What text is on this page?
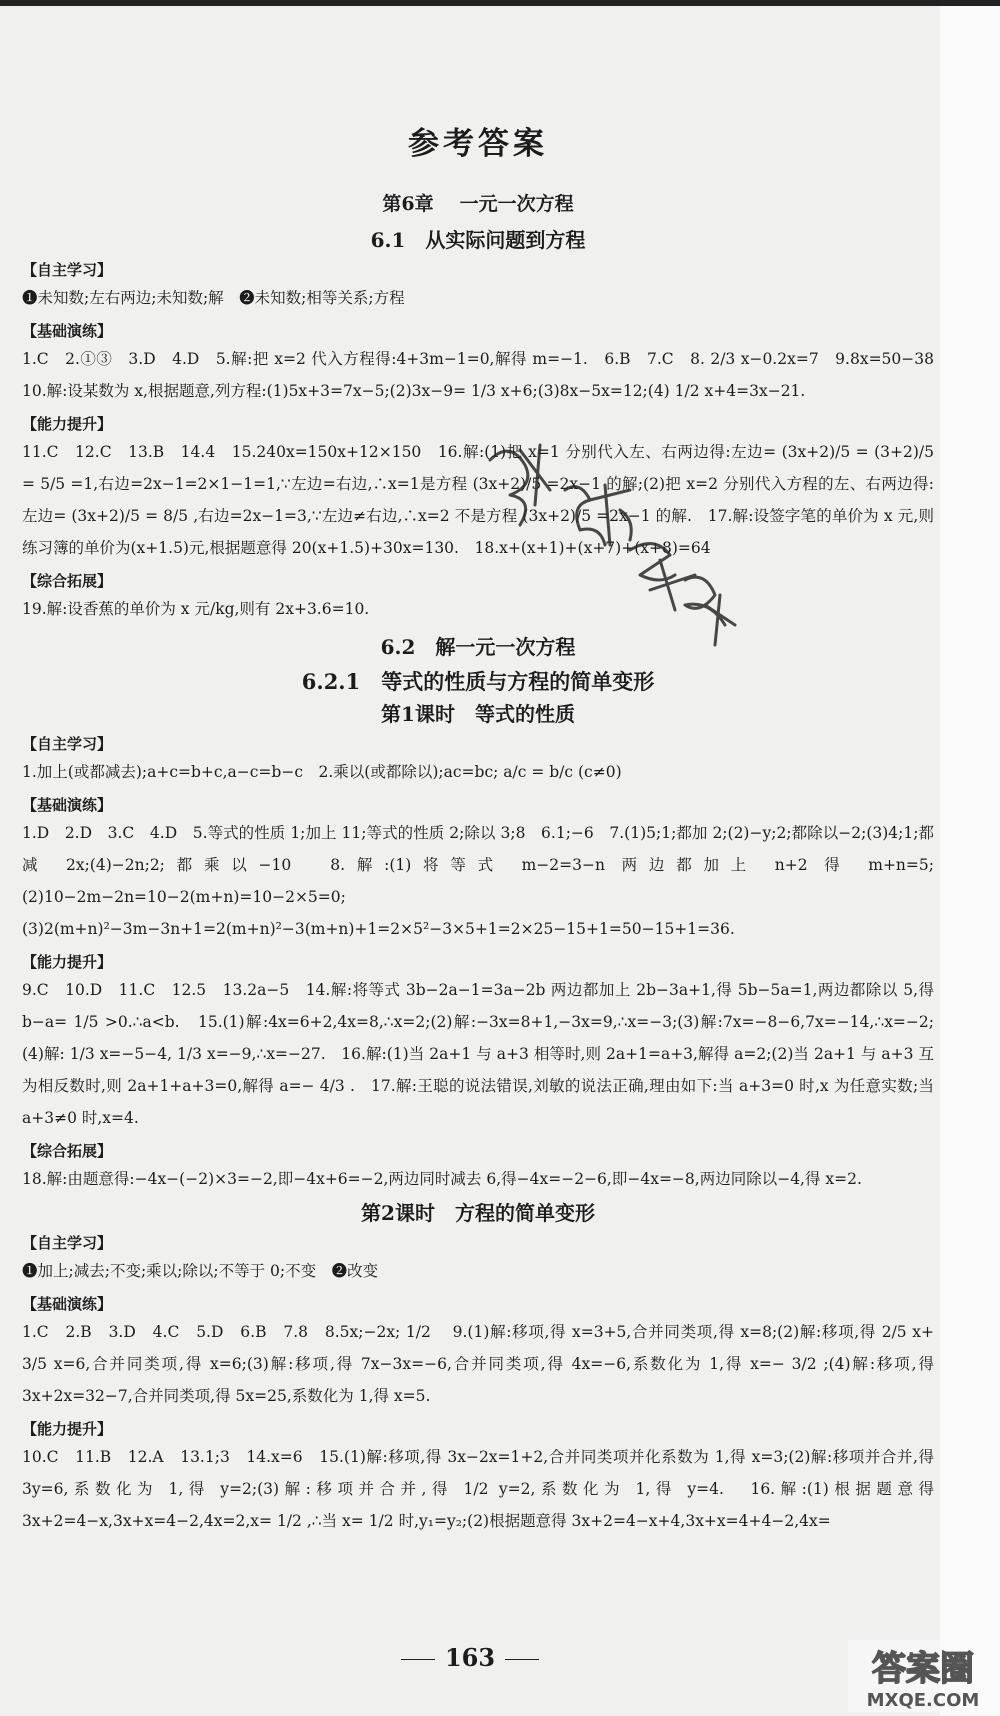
参考答案
第6章 一元一次方程
6.1 从实际问题到方程
【自主学习】

❶未知数;左右两边;未知数;解　❷未知数;相等关系;方程

【基础演练】

1.C　2.①③　3.D　4.D　5.解:把 x=2 代入方程得:4+3m−1=0,解得 m=−1.　6.B　7.C　8. 2/3 x−0.2x=7　9.8x=50−38　10.解:设某数为 x,根据题意,列方程:(1)5x+3=7x−5;(2)3x−9= 1/3 x+6;(3)8x−5x=12;(4) 1/2 x+4=3x−21.

【能力提升】

11.C　12.C　13.B　14.4　15.240x=150x+12×150　16.解:(1)把 x=1 分别代入左、右两边得:左边= (3x+2)/5 = (3+2)/5 = 5/5 =1,右边=2x−1=2×1−1=1,∵左边=右边,∴x=1是方程 (3x+2)/5 =2x−1 的解;(2)把 x=2 分别代入方程的左、右两边得:左边= (3x+2)/5 = 8/5 ,右边=2x−1=3,∵左边≠右边,∴x=2 不是方程 (3x+2)/5 =2x−1 的解.　17.解:设签字笔的单价为 x 元,则练习簿的单价为(x+1.5)元,根据题意得 20(x+1.5)+30x=130.　18.x+(x+1)+(x+7)+(x+8)=64

【综合拓展】

19.解:设香蕉的单价为 x 元/kg,则有 2x+3.6=10.

6.2 解一元一次方程
6.2.1　等式的性质与方程的简单变形
第1课时　等式的性质
【自主学习】

1.加上(或都减去);a+c=b+c,a−c=b−c　2.乘以(或都除以);ac=bc; a/c = b/c (c≠0)

【基础演练】

1.D　2.D　3.C　4.D　5.等式的性质 1;加上 11;等式的性质 2;除以 3;8　6.1;−6　7.(1)5;1;都加 2;(2)−y;2;都除以−2;(3)4;1;都减 2x;(4)−2n;2;都乘以−10　8.解:(1)将等式 m−2=3−n 两边都加上 n+2 得 m+n=5;(2)10−2m−2n=10−2(m+n)=10−2×5=0;(3)2(m+n)²−3m−3n+1=2(m+n)²−3(m+n)+1=2×5²−3×5+1=2×25−15+1=50−15+1=36.

【能力提升】

9.C　10.D　11.C　12.5　13.2a−5　14.解:将等式 3b−2a−1=3a−2b 两边都加上 2b−3a+1,得 5b−5a=1,两边都除以 5,得 b−a= 1/5 >0.∴a<b.　15.(1)解:4x=6+2,4x=8,∴x=2;(2)解:−3x=8+1,−3x=9,∴x=−3;(3)解:7x=−8−6,7x=−14,∴x=−2;(4)解: 1/3 x=−5−4, 1/3 x=−9,∴x=−27.　16.解:(1)当 2a+1 与 a+3 相等时,则 2a+1=a+3,解得 a=2;(2)当 2a+1 与 a+3 互为相反数时,则 2a+1+a+3=0,解得 a=− 4/3 .　17.解:王聪的说法错误,刘敏的说法正确,理由如下:当 a+3=0 时,x 为任意实数;当 a+3≠0 时,x=4.

【综合拓展】

18.解:由题意得:−4x−(−2)×3=−2,即−4x+6=−2,两边同时减去 6,得−4x=−2−6,即−4x=−8,两边同除以−4,得 x=2.

第2课时　方程的简单变形
【自主学习】

❶加上;减去;不变;乘以;除以;不等于 0;不变　❷改变

【基础演练】

1.C　2.B　3.D　4.C　5.D　6.B　7.8　8.5x;−2x; 1/2 　9.(1)解:移项,得 x=3+5,合并同类项,得 x=8;(2)解:移项,得 2/5 x+ 3/5 x=6,合并同类项,得 x=6;(3)解:移项,得 7x−3x=−6,合并同类项,得 4x=−6,系数化为 1,得 x=− 3/2 ;(4)解:移项,得 3x+2x=32−7,合并同类项,得 5x=25,系数化为 1,得 x=5.

【能力提升】

10.C　11.B　12.A　13.1;3　14.x=6　15.(1)解:移项,得 3x−2x=1+2,合并同类项并化系数为 1,得 x=3;(2)解:移项并合并,得 3y=6,系数化为 1,得 y=2;(3)解:移项并合并,得 1/2 y=2,系数化为 1,得 y=4.　16.解:(1)根据题意得 3x+2=4−x,3x+x=4−2,4x=2,x= 1/2 ,∴当 x= 1/2 时,y₁=y₂;(2)根据题意得 3x+2=4−x+4,3x+x=4+4−2,4x=

163	答案圈
MXQE.COM
